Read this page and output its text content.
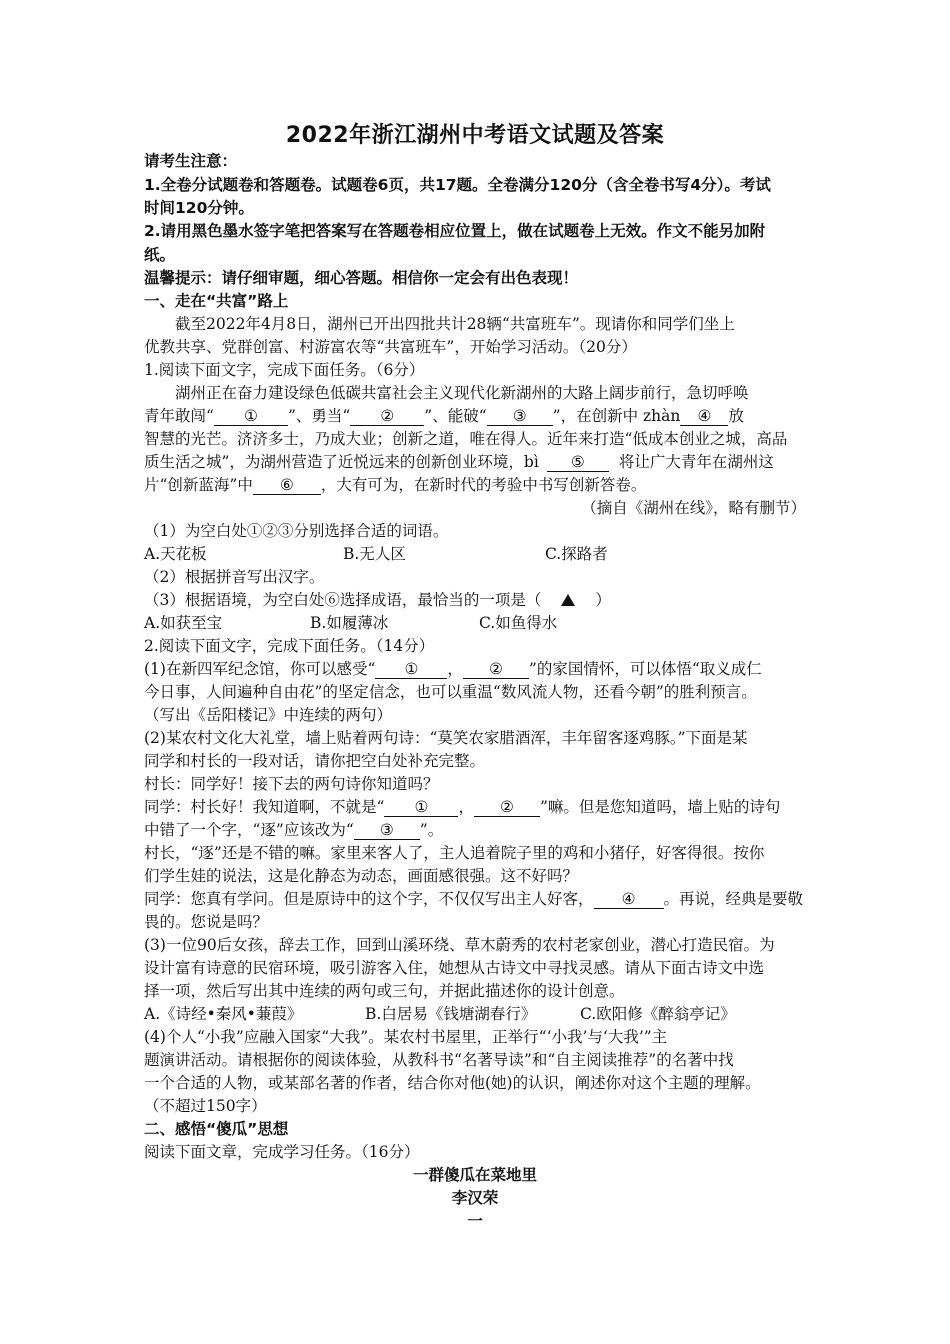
2022年浙江湖州中考语文试题及答案
请考生注意：
1.全卷分试题卷和答题卷。试题卷6页，共17题。全卷满分120分（含全卷书写4分）。考试
时间120分钟。
2.请用黑色墨水签字笔把答案写在答题卷相应位置上，做在试题卷上无效。作文不能另加附
纸。
温馨提示：请仔细审题，细心答题。相信你一定会有出色表现！
一、走在“共富”路上
截至2022年4月8日，湖州已开出四批共计28辆“共富班车”。现请你和同学们坐上
优教共享、党群创富、村游富农等“共富班车”，开始学习活动。（20分）
1.阅读下面文字，完成下面任务。（6分）
湖州正在奋力建设绿色低碳共富社会主义现代化新湖州的大路上阔步前行，急切呼唤
青年敢闯“ ① ”、勇当“ ② ”、能破“ ③ ”，在创新中 zhàn ④ 放
智慧的光芒。济济多士，乃成大业；创新之道，唯在得人。近年来打造“低成本创业之城，高品
质生活之城”，为湖州营造了近悦远来的创新创业环境，bì ⑤ 将让广大青年在湖州这
片“创新蓝海”中 ⑥ ，大有可为，在新时代的考验中书写创新答卷。
（摘自《湖州在线》，略有删节）
（1）为空白处①②③分别选择合适的词语。
A.天花板	B.无人区	C.探路者
（2）根据拼音写出汉字。
（3）根据语境，为空白处⑥选择成语，最恰当的一项是（	）
A.如获至宝	B.如履薄冰	C.如鱼得水
2.阅读下面文字，完成下面任务。（14分）
(1)在新四军纪念馆，你可以感受“ ① ， ② ”的家国情怀，可以体悟“取义成仁
今日事，人间遍种自由花”的坚定信念，也可以重温“数风流人物，还看今朝”的胜利预言。
（写出《岳阳楼记》中连续的两句）
(2)某农村文化大礼堂，墙上贴着两句诗：“莫笑农家腊酒浑，丰年留客逐鸡豚。”下面是某
同学和村长的一段对话，请你把空白处补充完整。
村长：同学好！接下去的两句诗你知道吗？
同学：村长好！我知道啊，不就是“ ① ， ② ”嘛。但是您知道吗，墙上贴的诗句
中错了一个字，“逐”应该改为“ ③ ”。
村长，“逐”还是不错的嘛。家里来客人了，主人追着院子里的鸡和小猪仔，好客得很。按你
们学生娃的说法，这是化静态为动态，画面感很强。这不好吗？
同学：您真有学问。但是原诗中的这个字，不仅仅写出主人好客， ④ 。再说，经典是要敬
畏的。您说是吗？
(3)一位90后女孩，辞去工作，回到山溪环绕、草木蔚秀的农村老家创业，潜心打造民宿。为
设计富有诗意的民宿环境，吸引游客入住，她想从古诗文中寻找灵感。请从下面古诗文中选
择一项，然后写出其中连续的两句或三句，并据此描述你的设计创意。
A.《诗经•秦风•蒹葭》	B.白居易《钱塘湖春行》	C.欧阳修《醉翁亭记》
(4)个人“小我”应融入国家“大我”。某农村书屋里，正举行“‘小我’与‘大我’”主
题演讲活动。请根据你的阅读体验，从教科书“名著导读”和“自主阅读推荐”的名著中找
一个合适的人物，或某部名著的作者，结合你对他(她)的认识，阐述你对这个主题的理解。
（不超过150字）
二、感悟“傻瓜”思想
阅读下面文章，完成学习任务。（16分）
一群傻瓜在菜地里
李汉荣
一
